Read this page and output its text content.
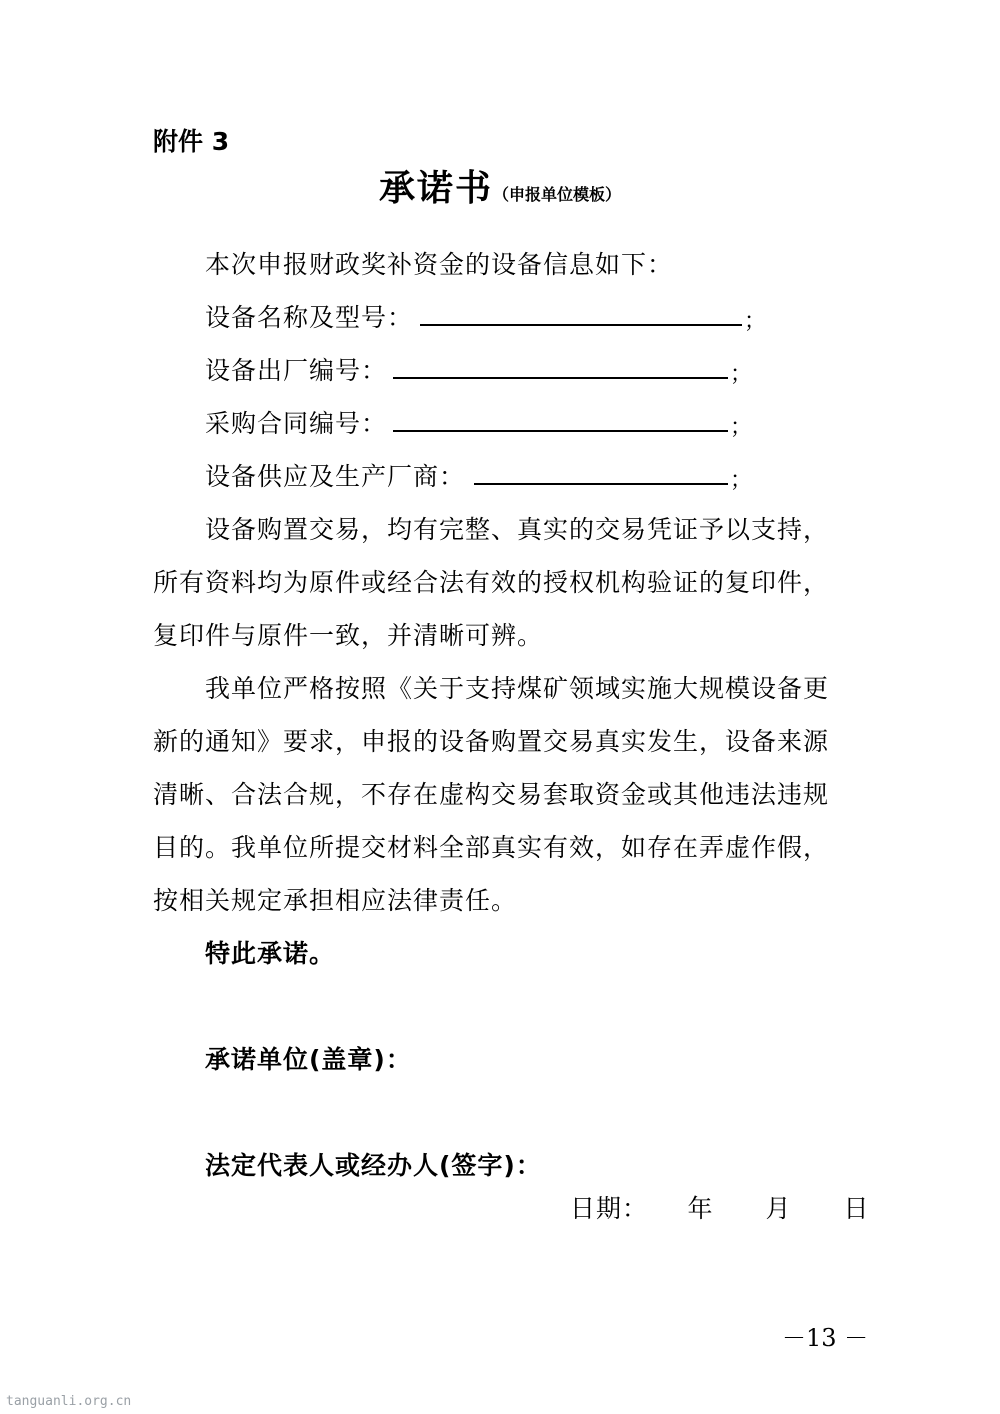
附件 3
承诺书（申报单位模板）
本次申报财政奖补资金的设备信息如下：
设备名称及型号：	；
设备出厂编号：	；
采购合同编号：	；
设备供应及生产厂商：	；
设备购置交易，均有完整、真实的交易凭证予以支持，
所有资料均为原件或经合法有效的授权机构验证的复印件，
复印件与原件一致，并清晰可辨。
我单位严格按照《关于支持煤矿领域实施大规模设备更
新的通知》要求，申报的设备购置交易真实发生，设备来源
清晰、合法合规，不存在虚构交易套取资金或其他违法违规
目的。我单位所提交材料全部真实有效，如存在弄虚作假，
按相关规定承担相应法律责任。
特此承诺。
承诺单位(盖章)：
法定代表人或经办人(签字)：
日期：　　年　　月　　日
－13 －
tanguanli.org.cn
